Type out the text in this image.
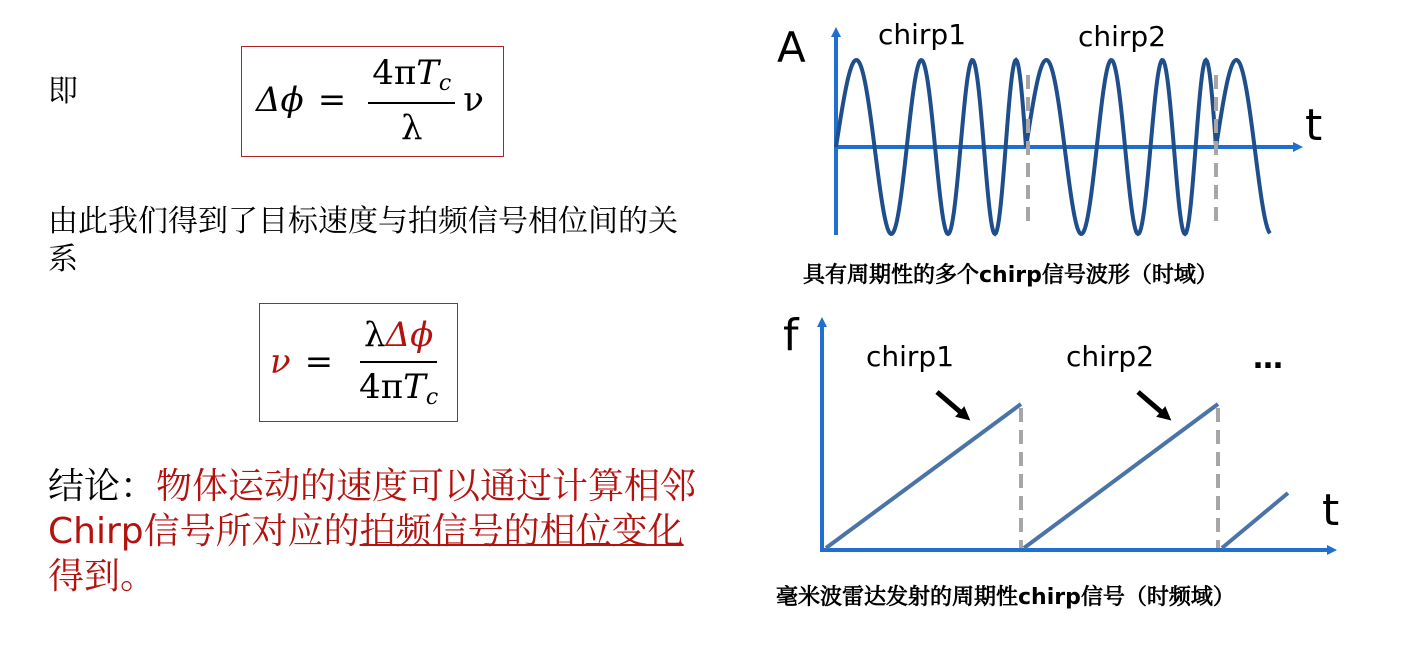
即	$\Delta\phi = \frac{4\pi T_c}{\lambda}$ ν
由此我们得到了目标速度与拍频信号相位间的关系
$\nu = \frac{\text{λΔϕ}}{4\pi T_c}$
结论：物体运动的速度可以通过计算相邻Chirp信号所对应的拍频信号的相位变化得到。
A
t
chirp1	chirp2
f
t
chirp1	chirp2	…
具有周期性的多个chirp信号波形（时域）
毫米波雷达发射的周期性chirp信号（时频域）
